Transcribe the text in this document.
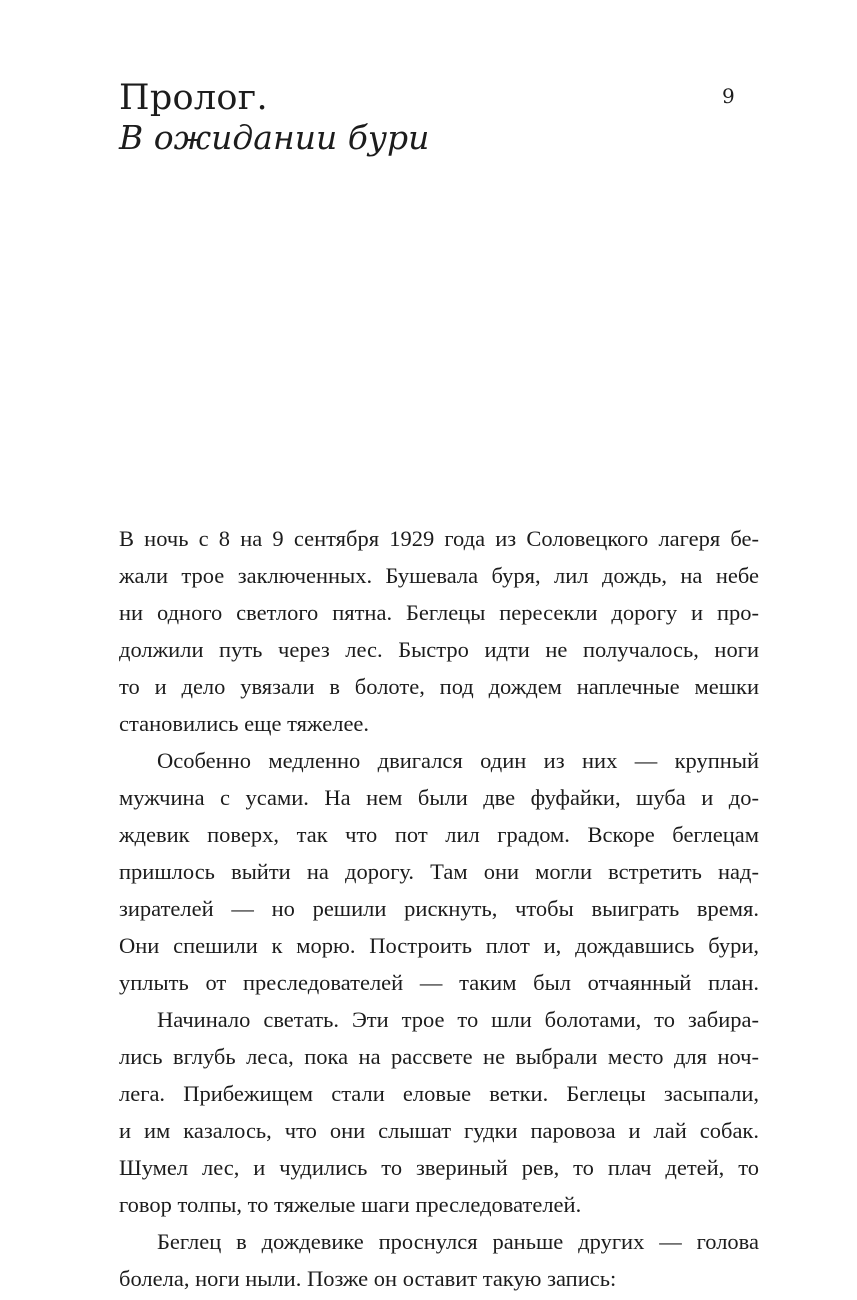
Пролог.
В ожидании бури
9
В ночь с 8 на 9 сентября 1929 года из Соловецкого лагеря бе-
жали трое заключенных. Бушевала буря, лил дождь, на небе
ни одного светлого пятна. Беглецы пересекли дорогу и про-
должили путь через лес. Быстро идти не получалось, ноги
то и дело увязали в болоте, под дождем наплечные мешки
становились еще тяжелее.
Особенно медленно двигался один из них — крупный
мужчина с усами. На нем были две фуфайки, шуба и до-
ждевик поверх, так что пот лил градом. Вскоре беглецам
пришлось выйти на дорогу. Там они могли встретить над-
зирателей — но решили рискнуть, чтобы выиграть время.
Они спешили к морю. Построить плот и, дождавшись бури,
уплыть от преследователей — таким был отчаянный план.
Начинало светать. Эти трое то шли болотами, то забира-
лись вглубь леса, пока на рассвете не выбрали место для ноч-
лега. Прибежищем стали еловые ветки. Беглецы засыпали,
и им казалось, что они слышат гудки паровоза и лай собак.
Шумел лес, и чудились то звериный рев, то плач детей, то
говор толпы, то тяжелые шаги преследователей.
Беглец в дождевике проснулся раньше других — голова
болела, ноги ныли. Позже он оставит такую запись:
